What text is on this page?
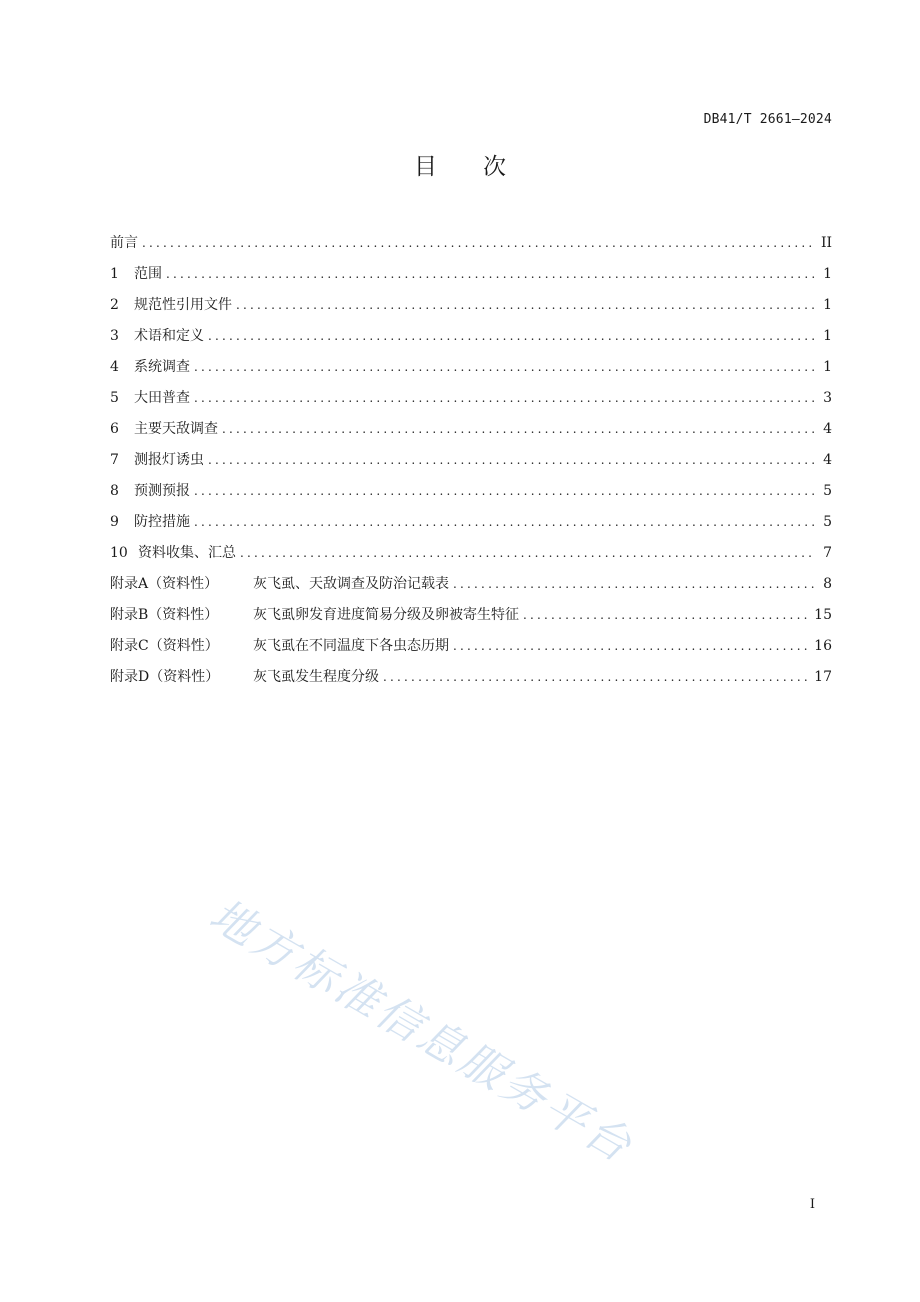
DB41/T 2661—2024
目 次
前言 .....	II
1	范围 .....	1
2	规范性引用文件 .....	1
3	术语和定义 .....	1
4	系统调查 .....	1
5	大田普查 .....	3
6	主要天敌调查 .....	4
7	测报灯诱虫 .....	4
8	预测预报 .....	5
9	防控措施 .....	5
10 资料收集、汇总 .....	7
附录A（资料性）	灰飞虱、天敌调查及防治记载表 .....	8
附录B（资料性）	灰飞虱卵发育进度简易分级及卵被寄生特征 .....	15
附录C（资料性）	灰飞虱在不同温度下各虫态历期 .....	16
附录D（资料性）	灰飞虱发生程度分级 .....	17
地方标准信息服务平台
I
